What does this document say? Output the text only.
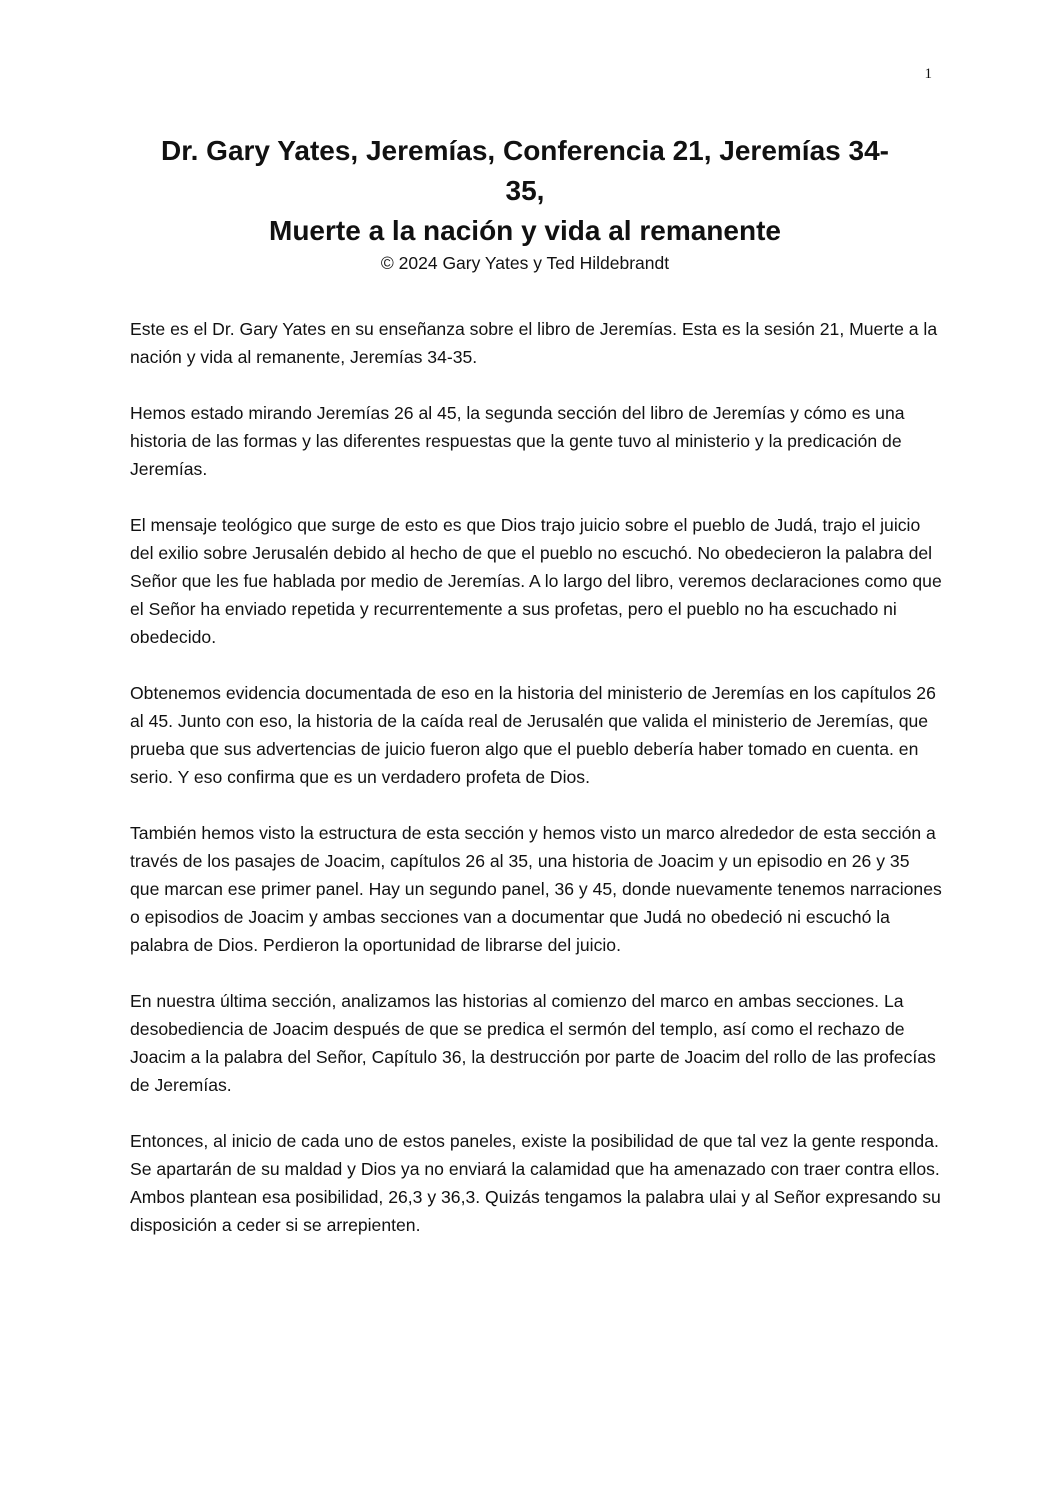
1
Dr. Gary Yates, Jeremías, Conferencia 21, Jeremías 34-
35,
Muerte a la nación y vida al remanente
© 2024 Gary Yates y Ted Hildebrandt

Este es el Dr. Gary Yates en su enseñanza sobre el libro de Jeremías. Esta es la sesión 21, Muerte a la nación y vida al remanente, Jeremías 34-35.

Hemos estado mirando Jeremías 26 al 45, la segunda sección del libro de Jeremías y cómo es una historia de las formas y las diferentes respuestas que la gente tuvo al ministerio y la predicación de Jeremías.

El mensaje teológico que surge de esto es que Dios trajo juicio sobre el pueblo de Judá, trajo el juicio del exilio sobre Jerusalén debido al hecho de que el pueblo no escuchó. No obedecieron la palabra del Señor que les fue hablada por medio de Jeremías. A lo largo del libro, veremos declaraciones como que el Señor ha enviado repetida y recurrentemente a sus profetas, pero el pueblo no ha escuchado ni obedecido.

Obtenemos evidencia documentada de eso en la historia del ministerio de Jeremías en los capítulos 26 al 45. Junto con eso, la historia de la caída real de Jerusalén que valida el ministerio de Jeremías, que prueba que sus advertencias de juicio fueron algo que el pueblo debería haber tomado en cuenta. en serio. Y eso confirma que es un verdadero profeta de Dios.

También hemos visto la estructura de esta sección y hemos visto un marco alrededor de esta sección a través de los pasajes de Joacim, capítulos 26 al 35, una historia de Joacim y un episodio en 26 y 35 que marcan ese primer panel. Hay un segundo panel, 36 y 45, donde nuevamente tenemos narraciones o episodios de Joacim y ambas secciones van a documentar que Judá no obedeció ni escuchó la palabra de Dios. Perdieron la oportunidad de librarse del juicio.

En nuestra última sección, analizamos las historias al comienzo del marco en ambas secciones. La desobediencia de Joacim después de que se predica el sermón del templo, así como el rechazo de Joacim a la palabra del Señor, Capítulo 36, la destrucción por parte de Joacim del rollo de las profecías de Jeremías.

Entonces, al inicio de cada uno de estos paneles, existe la posibilidad de que tal vez la gente responda. Se apartarán de su maldad y Dios ya no enviará la calamidad que ha amenazado con traer contra ellos. Ambos plantean esa posibilidad, 26,3 y 36,3. Quizás tengamos la palabra ulai y al Señor expresando su disposición a ceder si se arrepienten.
